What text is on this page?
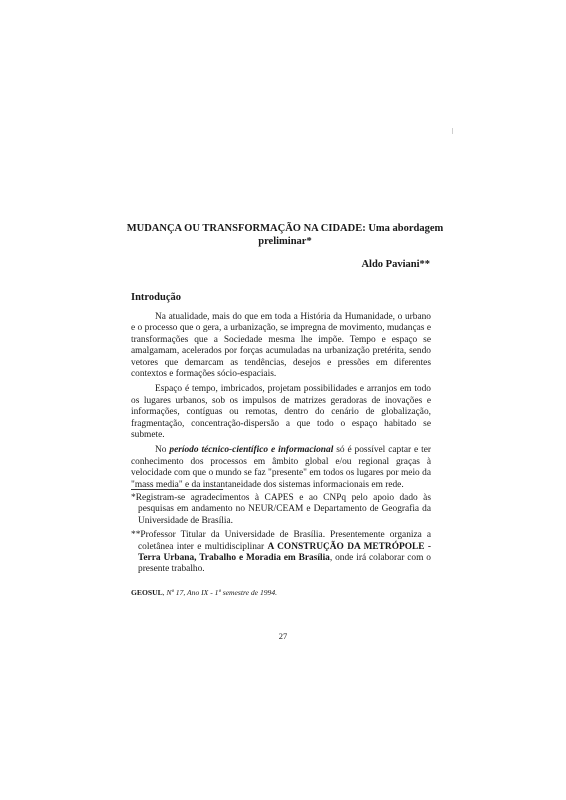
MUDANÇA OU TRANSFORMAÇÃO NA CIDADE: Uma abordagem
preliminar*
Aldo Paviani**
Introdução

Na atualidade, mais do que em toda a História da Humanidade, o urbano e o processo que o gera, a urbanização, se impregna de movimento, mudanças e transformações que a Sociedade mesma lhe impõe. Tempo e espaço se amalgamam, acelerados por forças acumuladas na urbanização pretérita, sendo vetores que demarcam as tendências, desejos e pressões em diferentes contextos e formações sócio-espaciais.

Espaço é tempo, imbricados, projetam possibilidades e arranjos em todo os lugares urbanos, sob os impulsos de matrizes geradoras de inovações e informações, contíguas ou remotas, dentro do cenário de globalização, fragmentação, concentração-dispersão a que todo o espaço habitado se submete.

No período técnico-científico e informacional só é possível captar e ter conhecimento dos processos em âmbito global e/ou regional graças à velocidade com que o mundo se faz "presente" em todos os lugares por meio da "mass media" e da instantaneidade dos sistemas informacionais em rede.

*Registram-se agradecimentos à CAPES e ao CNPq pelo apoio dado às pesquisas em andamento no NEUR/CEAM e Departamento de Geografia da Universidade de Brasília.

**Professor Titular da Universidade de Brasília. Presentemente organiza a coletânea inter e multidisciplinar A CONSTRUÇÃO DA METRÓPOLE - Terra Urbana, Trabalho e Moradia em Brasília, onde irá colaborar com o presente trabalho.

GEOSUL, Nº 17, Ano IX - 1º semestre de 1994.
27
